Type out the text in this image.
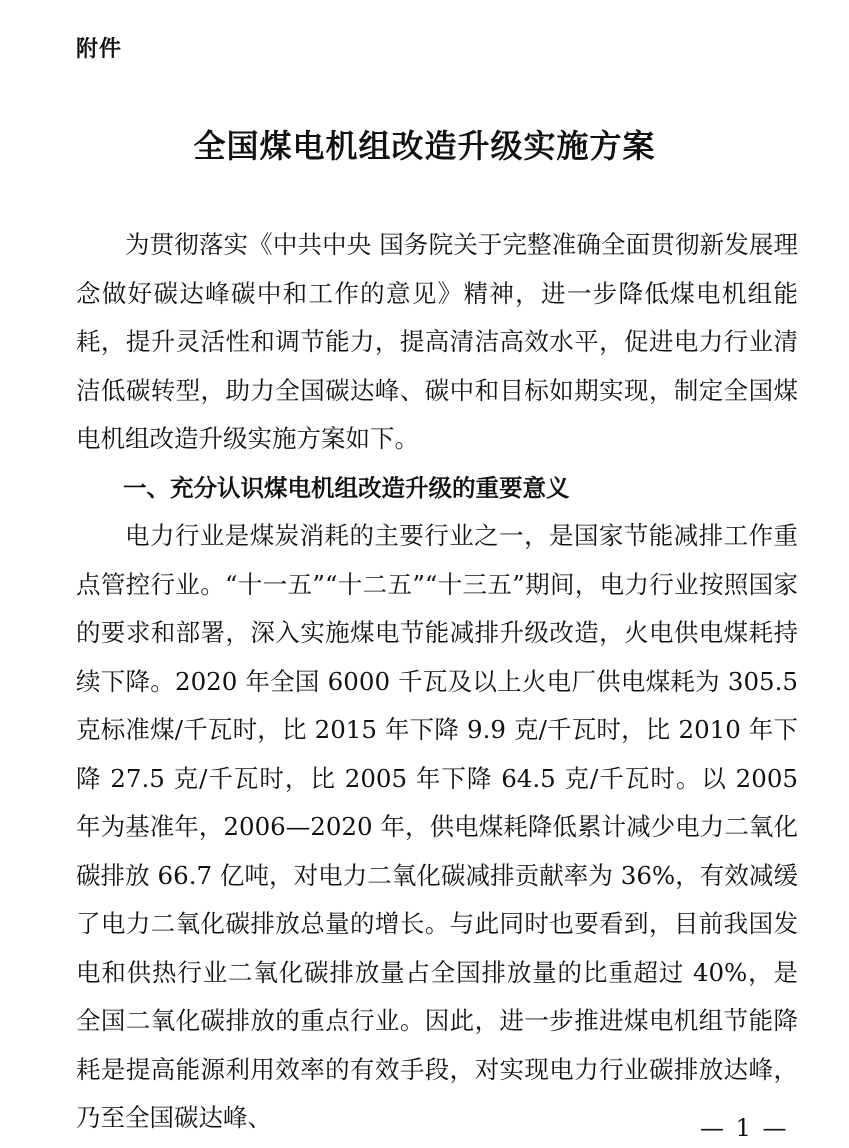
附件
全国煤电机组改造升级实施方案

为贯彻落实《中共中央 国务院关于完整准确全面贯彻新发展理念做好碳达峰碳中和工作的意见》精神，进一步降低煤电机组能耗，提升灵活性和调节能力，提高清洁高效水平，促进电力行业清洁低碳转型，助力全国碳达峰、碳中和目标如期实现，制定全国煤电机组改造升级实施方案如下。

一、充分认识煤电机组改造升级的重要意义

电力行业是煤炭消耗的主要行业之一，是国家节能减排工作重点管控行业。“十一五”“十二五”“十三五”期间，电力行业按照国家的要求和部署，深入实施煤电节能减排升级改造，火电供电煤耗持续下降。2020 年全国 6000 千瓦及以上火电厂供电煤耗为 305.5 克标准煤/千瓦时，比 2015 年下降 9.9 克/千瓦时，比 2010 年下降 27.5 克/千瓦时，比 2005 年下降 64.5 克/千瓦时。以 2005 年为基准年，2006—2020 年，供电煤耗降低累计减少电力二氧化碳排放 66.7 亿吨，对电力二氧化碳减排贡献率为 36%，有效减缓了电力二氧化碳排放总量的增长。与此同时也要看到，目前我国发电和供热行业二氧化碳排放量占全国排放量的比重超过 40%，是全国二氧化碳排放的重点行业。因此，进一步推进煤电机组节能降耗是提高能源利用效率的有效手段，对实现电力行业碳排放达峰，乃至全国碳达峰、	— 1 —
